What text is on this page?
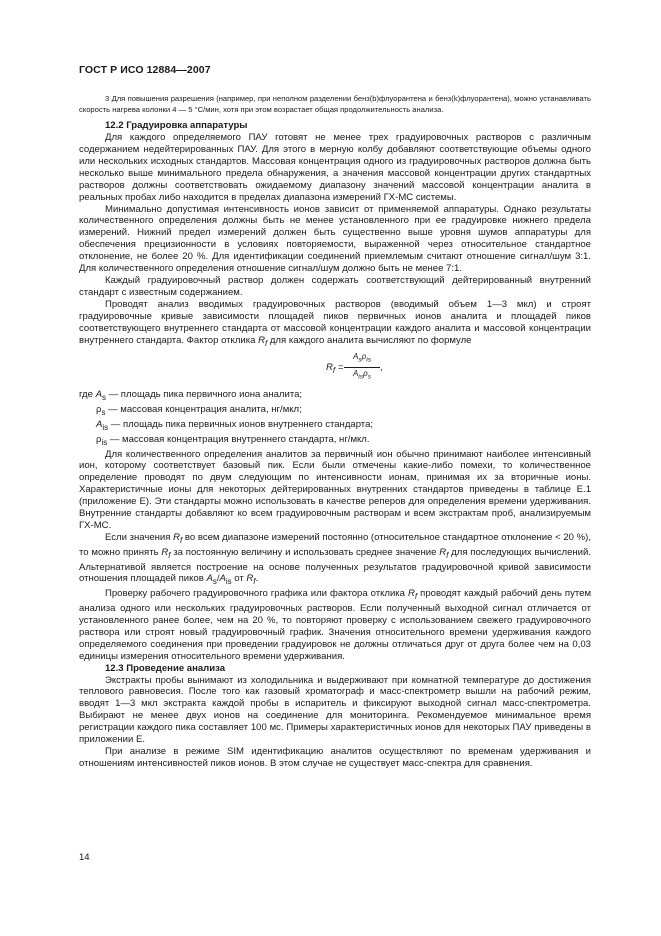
ГОСТ Р ИСО 12884—2007

3 Для повышения разрешения (например, при неполном разделении бенз(b)флуорантена и бенз(k)флуорантена), можно устанавливать скорость нагрева колонки 4 — 5 °С/мин, хотя при этом возрастает общая продолжительность анализа.

12.2 Градуировка аппаратуры

Для каждого определяемого ПАУ готовят не менее трех градуировочных растворов с различным содержанием недейтерированных ПАУ. Для этого в мерную колбу добавляют соответствующие объемы одного или нескольких исходных стандартов. Массовая концентрация одного из градуировочных растворов должна быть несколько выше минимального предела обнаружения, а значения массовой концентрации других стандартных растворов должны соответствовать ожидаемому диапазону значений массовой концентрации аналита в реальных пробах либо находится в пределах диапазона измерений ГХ-МС системы.

Минимально допустимая интенсивность ионов зависит от применяемой аппаратуры. Однако результаты количественного определения должны быть не менее установленного при ее градуировке нижнего предела измерений. Нижний предел измерений должен быть существенно выше уровня шумов аппаратуры для обеспечения прецизионности в условиях повторяемости, выраженной через относительное стандартное отклонение, не более 20 %. Для идентификации соединений приемлемым считают отношение сигнал/шум 3:1. Для количественного определения отношение сигнал/шум должно быть не менее 7:1.

Каждый градуировочный раствор должен содержать соответствующий дейтерированный внутренний стандарт с известным содержанием.

Проводят анализ вводимых градуировочных растворов (вводимый объем 1—3 мкл) и строят градуировочные кривые зависимости площадей пиков первичных ионов аналита и площадей пиков соответствующего внутреннего стандарта от массовой концентрации каждого аналита и массовой концентрации внутреннего стандарта. Фактор отклика $R_f$ для каждого аналита вычисляют по формуле

$R_f$ =
$A_s\rho_{is}$
$A_{is}\rho_s$
,

где $A_s$ — площадь пика первичного иона аналита;

$\rho_s$ — массовая концентрация аналита, нг/мкл;

$A_{is}$ — площадь пика первичных ионов внутреннего стандарта;

$\rho_{is}$ — массовая концентрация внутреннего стандарта, нг/мкл.

Для количественного определения аналитов за первичный ион обычно принимают наиболее интенсивный ион, которому соответствует базовый пик. Если были отмечены какие-либо помехи, то количественное определение проводят по двум следующим по интенсивности ионам, принимая их за вторичные ионы. Характеристичные ионы для некоторых дейтерированных внутренних стандартов приведены в таблице Е.1 (приложение Е). Эти стандарты можно использовать в качестве реперов для определения времени удерживания. Внутренние стандарты добавляют ко всем градуировочным растворам и всем экстрактам проб, анализируемым ГХ-МС.

Если значения $R_f$ во всем диапазоне измерений постоянно (относительное стандартное отклонение < 20 %), то можно принять $R_f$ за постоянную величину и использовать среднее значение $R_f$ для последующих вычислений. Альтернативой является построение на основе полученных результатов градуировочной кривой зависимости отношения площадей пиков $A_s/A_{is}$ от $R_f$.

Проверку рабочего градуировочного графика или фактора отклика $R_f$ проводят каждый рабочий день путем анализа одного или нескольких градуировочных растворов. Если полученный выходной сигнал отличается от установленного ранее более, чем на 20 %, то повторяют проверку с использованием свежего градуировочного раствора или строят новый градуировочный график. Значения относительного времени удерживания каждого определяемого соединения при проведении градуировок не должны отличаться друг от друга более чем на 0,03 единицы измерения относительного времени удерживания.

12.3 Проведение анализа

Экстракты пробы вынимают из холодильника и выдерживают при комнатной температуре до достижения теплового равновесия. После того как газовый хроматограф и масс-спектрометр вышли на рабочий режим, вводят 1—3 мкл экстракта каждой пробы в испаритель и фиксируют выходной сигнал масс-спектрометра. Выбирают не менее двух ионов на соединение для мониторинга. Рекомендуемое минимальное время регистрации каждого пика составляет 100 мс. Примеры характеристичных ионов для некоторых ПАУ приведены в приложении Е.

При анализе в режиме SIM идентификацию аналитов осуществляют по временам удерживания и отношениям интенсивностей пиков ионов. В этом случае не существует масс-спектра для сравнения.

14
